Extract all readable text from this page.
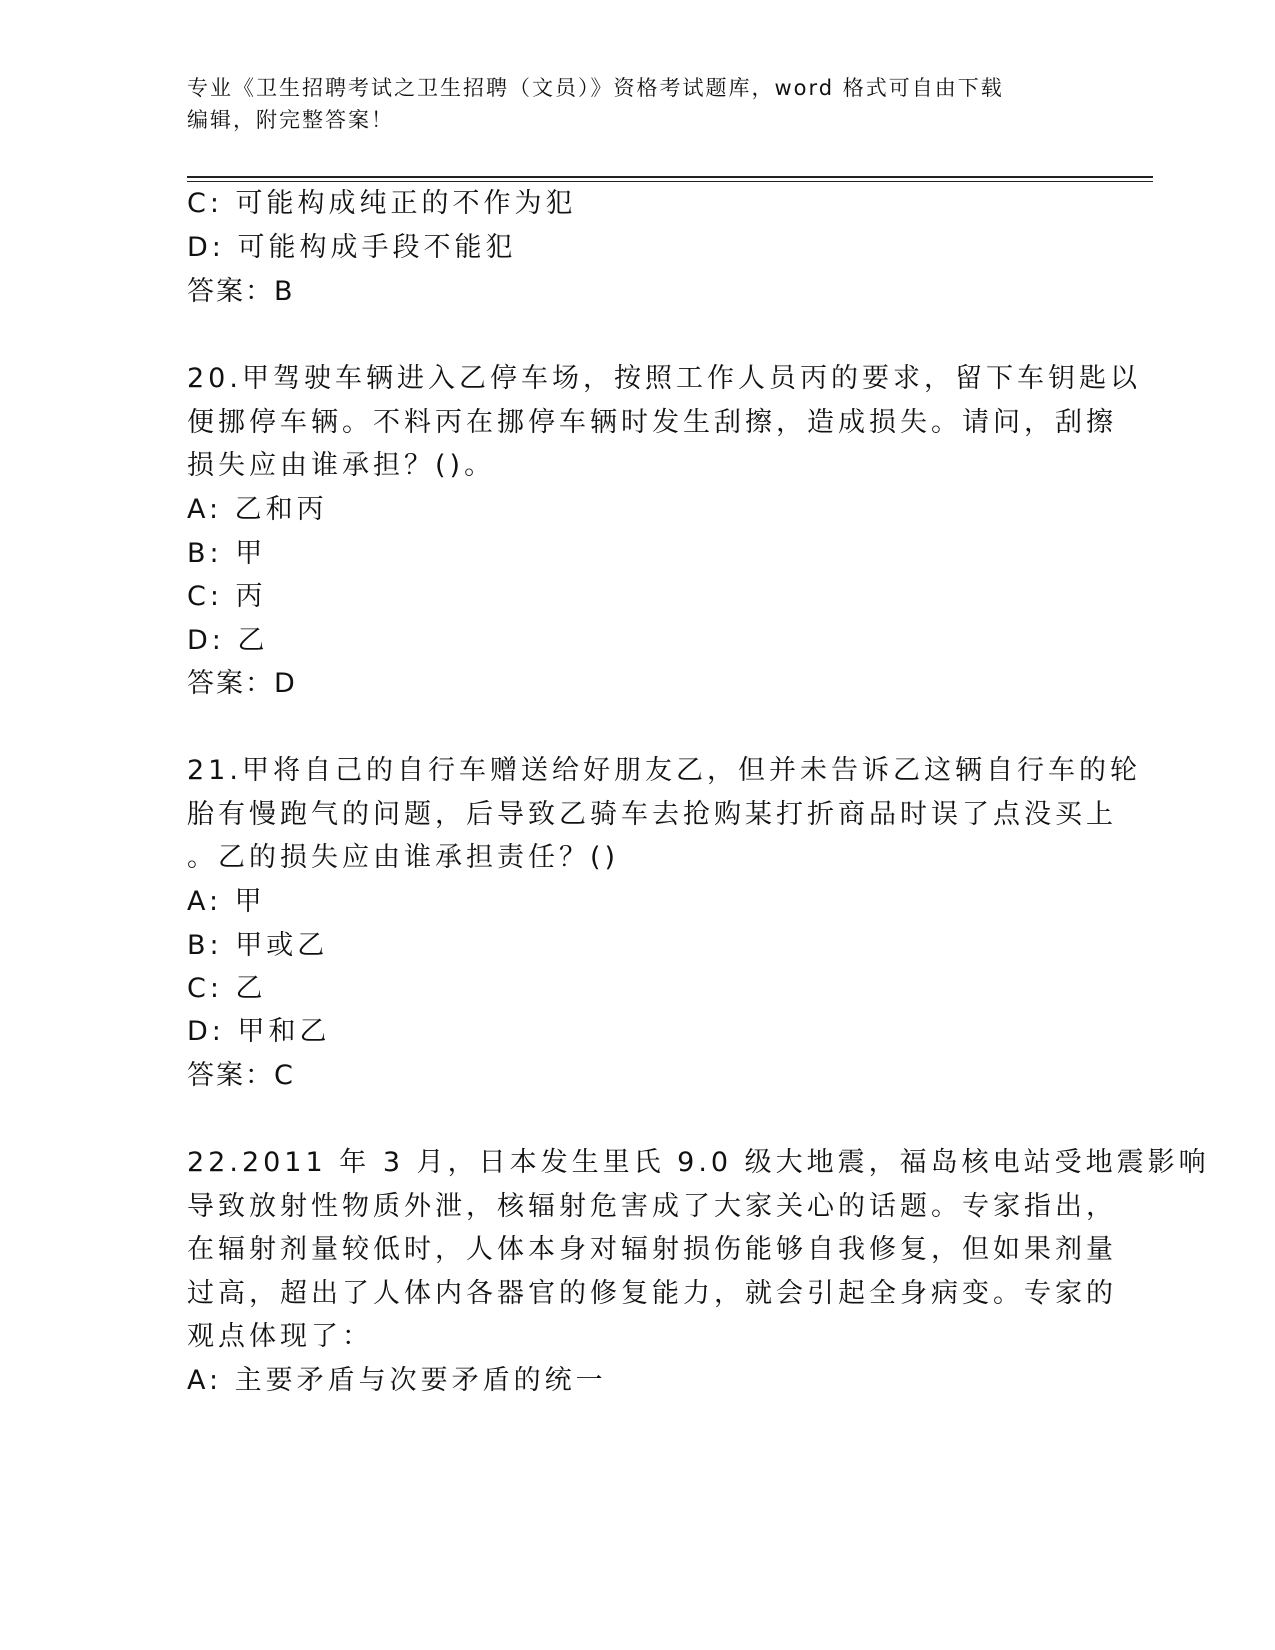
专业《卫生招聘考试之卫生招聘（文员）》资格考试题库，word 格式可自由下载
编辑，附完整答案！
C: 可能构成纯正的不作为犯
D: 可能构成手段不能犯
答案：B
20.甲驾驶车辆进入乙停车场，按照工作人员丙的要求，留下车钥匙以
便挪停车辆。不料丙在挪停车辆时发生刮擦，造成损失。请问，刮擦
损失应由谁承担？()。
A: 乙和丙
B: 甲
C: 丙
D: 乙
答案：D
21.甲将自己的自行车赠送给好朋友乙，但并未告诉乙这辆自行车的轮
胎有慢跑气的问题，后导致乙骑车去抢购某打折商品时误了点没买上
。乙的损失应由谁承担责任？()
A: 甲
B: 甲或乙
C: 乙
D: 甲和乙
答案：C
22.2011 年 3 月，日本发生里氏 9.0 级大地震，福岛核电站受地震影响
导致放射性物质外泄，核辐射危害成了大家关心的话题。专家指出，
在辐射剂量较低时，人体本身对辐射损伤能够自我修复，但如果剂量
过高，超出了人体内各器官的修复能力，就会引起全身病变。专家的
观点体现了：
A: 主要矛盾与次要矛盾的统一
